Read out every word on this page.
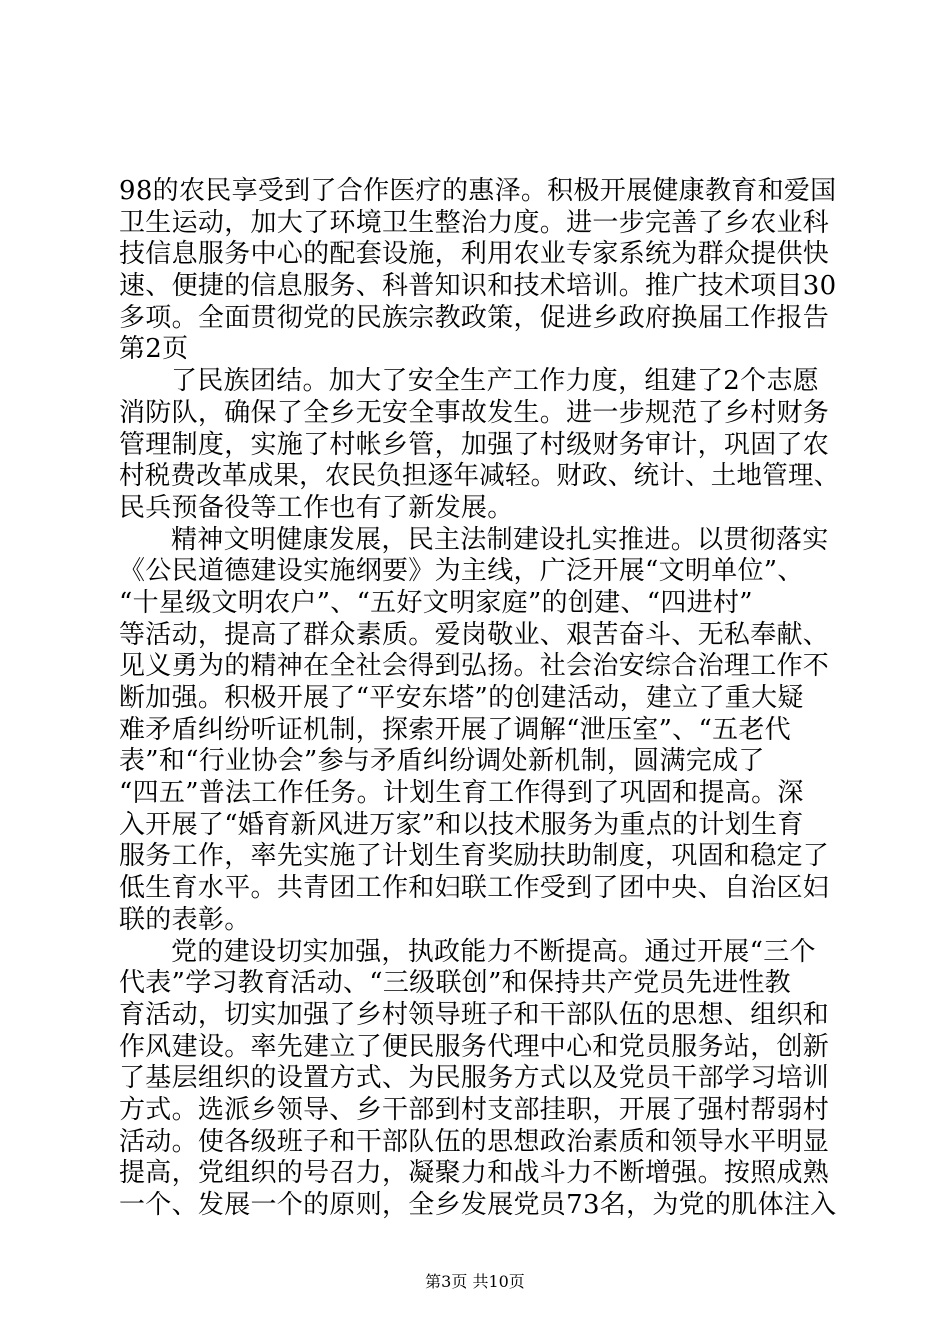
98的农民享受到了合作医疗的惠泽。积极开展健康教育和爱国
卫生运动，加大了环境卫生整治力度。进一步完善了乡农业科
技信息服务中心的配套设施，利用农业专家系统为群众提供快
速、便捷的信息服务、科普知识和技术培训。推广技术项目30
多项。全面贯彻党的民族宗教政策，促进乡政府换届工作报告
第2页
了民族团结。加大了安全生产工作力度，组建了2个志愿
消防队，确保了全乡无安全事故发生。进一步规范了乡村财务
管理制度，实施了村帐乡管，加强了村级财务审计，巩固了农
村税费改革成果，农民负担逐年减轻。财政、统计、土地管理、
民兵预备役等工作也有了新发展。
精神文明健康发展，民主法制建设扎实推进。以贯彻落实
《公民道德建设实施纲要》为主线，广泛开展“文明单位”、
“十星级文明农户”、“五好文明家庭”的创建、“四进村”
等活动，提高了群众素质。爱岗敬业、艰苦奋斗、无私奉献、
见义勇为的精神在全社会得到弘扬。社会治安综合治理工作不
断加强。积极开展了“平安东塔”的创建活动，建立了重大疑
难矛盾纠纷听证机制，探索开展了调解“泄压室”、“五老代
表”和“行业协会”参与矛盾纠纷调处新机制，圆满完成了
“四五”普法工作任务。计划生育工作得到了巩固和提高。深
入开展了“婚育新风进万家”和以技术服务为重点的计划生育
服务工作，率先实施了计划生育奖励扶助制度，巩固和稳定了
低生育水平。共青团工作和妇联工作受到了团中央、自治区妇
联的表彰。
党的建设切实加强，执政能力不断提高。通过开展“三个
代表”学习教育活动、“三级联创”和保持共产党员先进性教
育活动，切实加强了乡村领导班子和干部队伍的思想、组织和
作风建设。率先建立了便民服务代理中心和党员服务站，创新
了基层组织的设置方式、为民服务方式以及党员干部学习培训
方式。选派乡领导、乡干部到村支部挂职，开展了强村帮弱村
活动。使各级班子和干部队伍的思想政治素质和领导水平明显
提高，党组织的号召力，凝聚力和战斗力不断增强。按照成熟
一个、发展一个的原则，全乡发展党员73名，为党的肌体注入
第3页 共10页
